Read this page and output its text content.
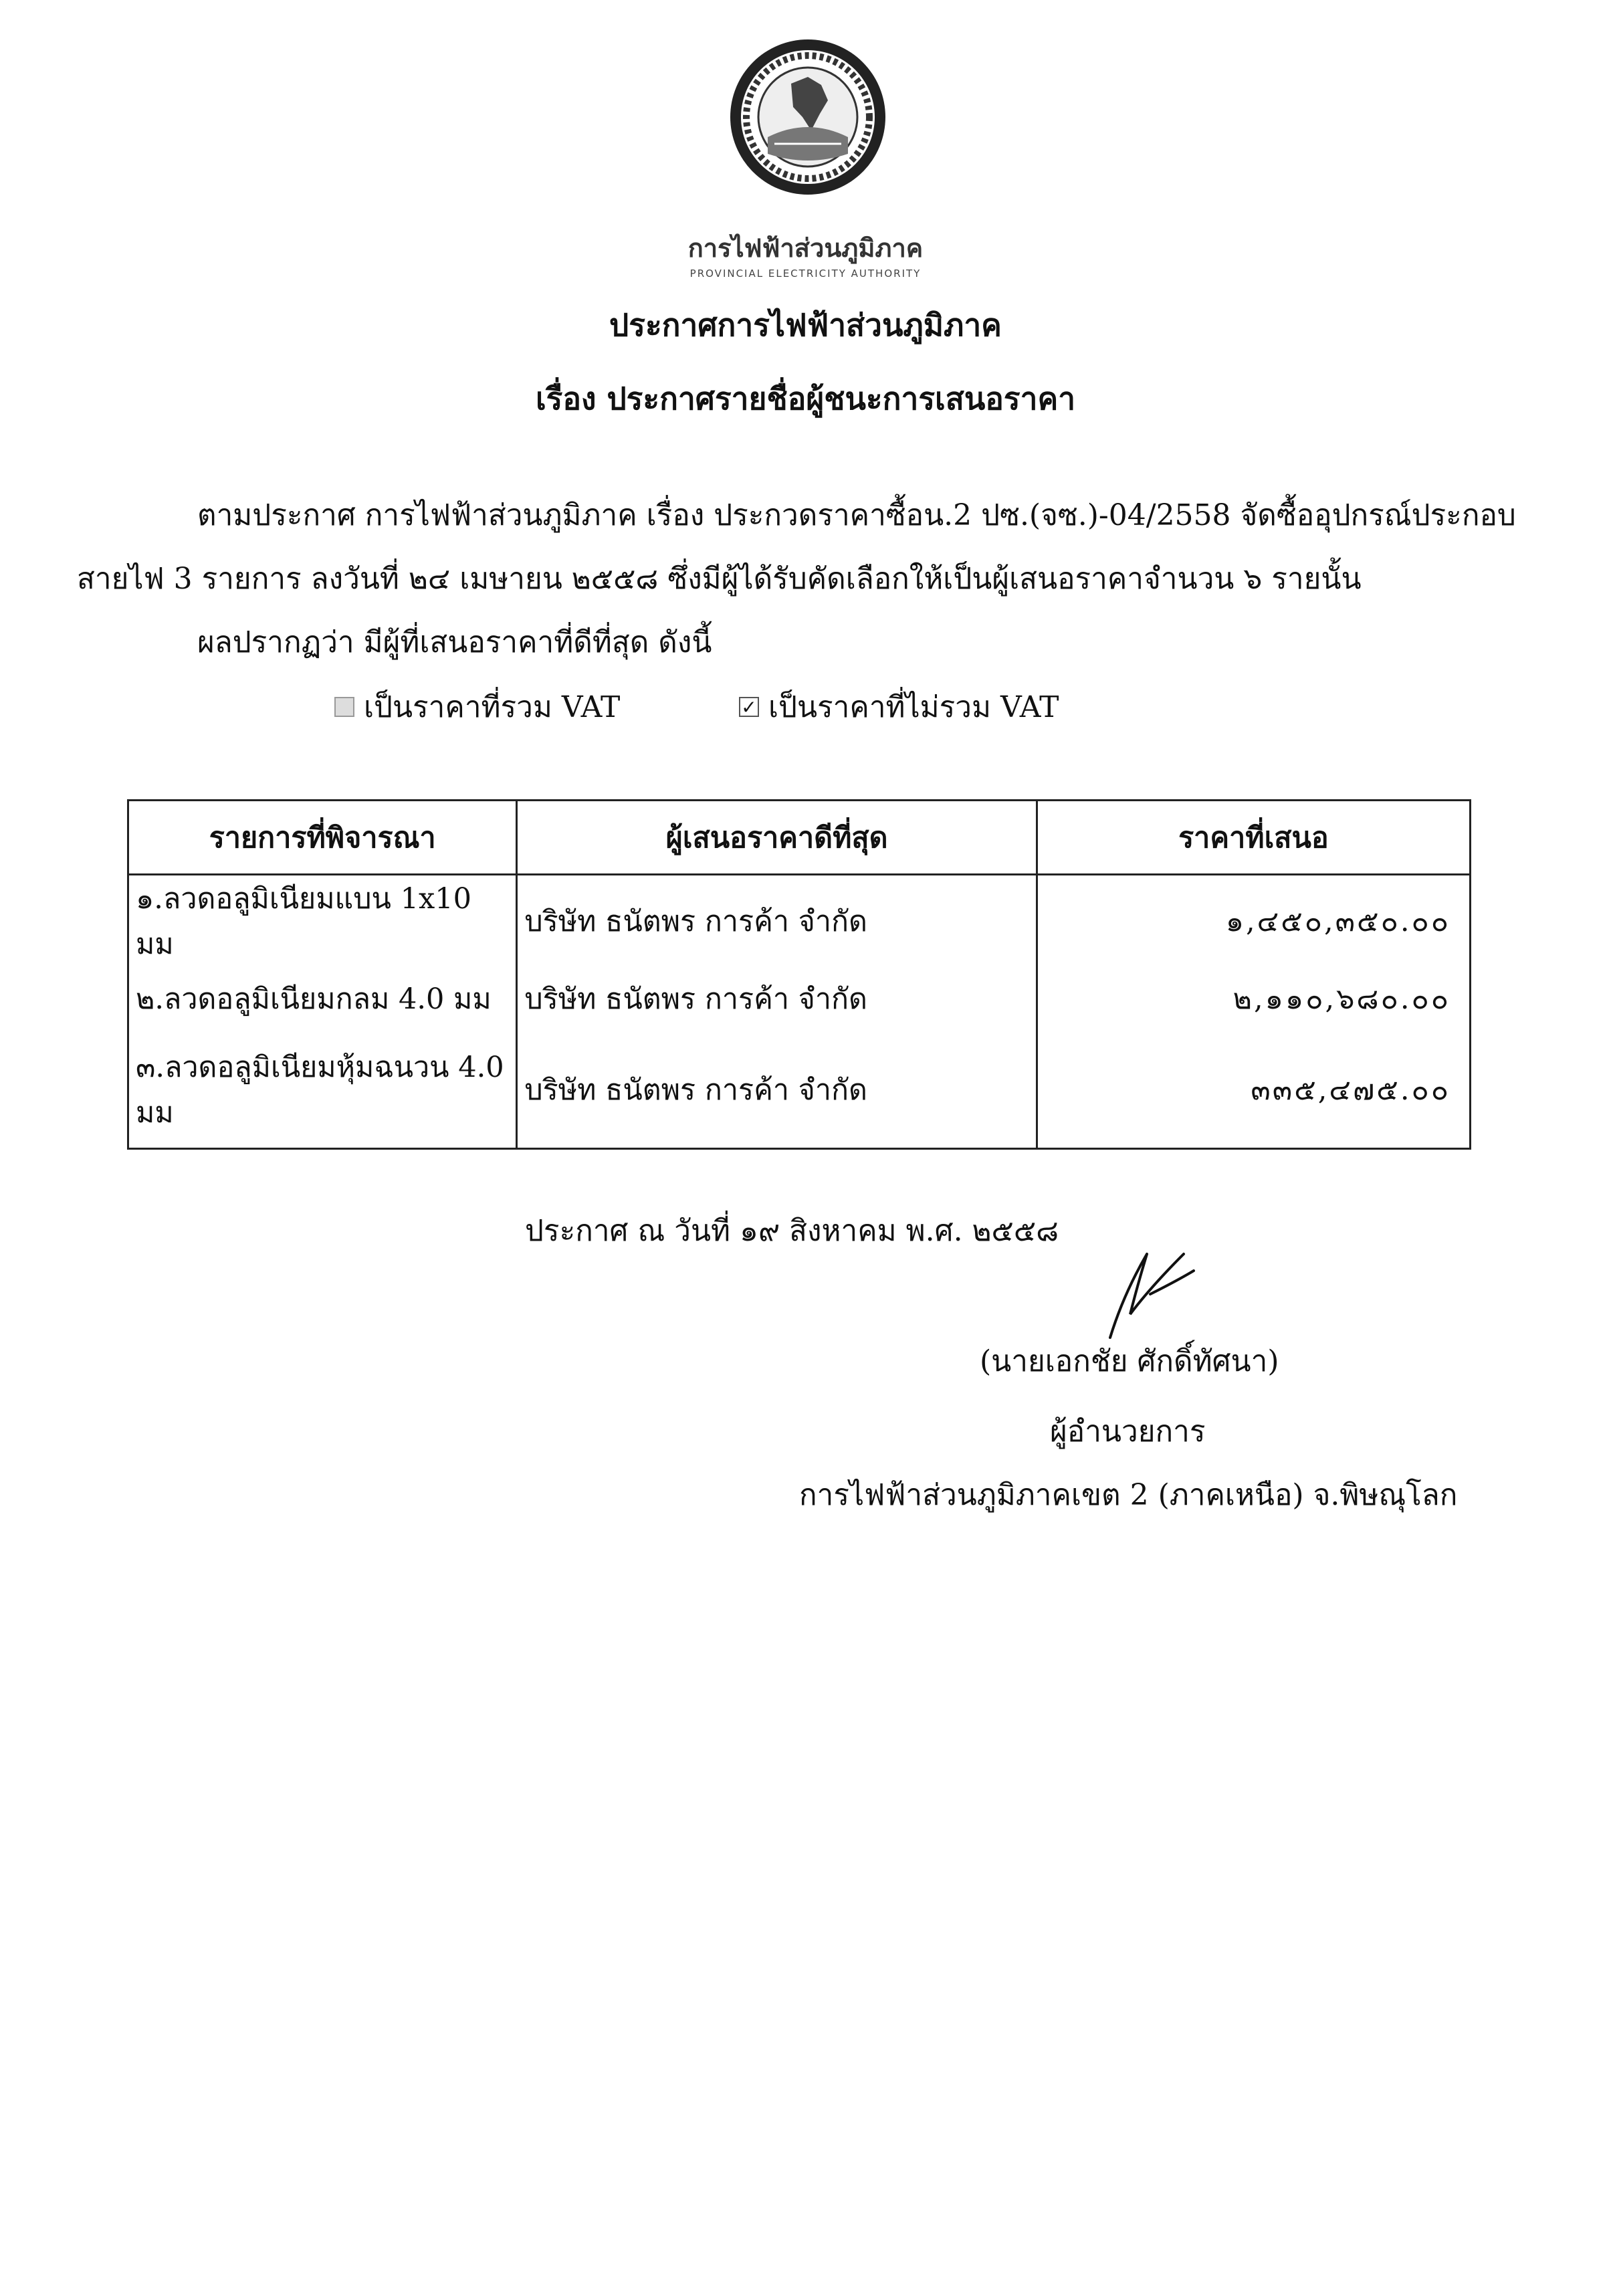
การไฟฟ้าส่วนภูมิภาค
PROVINCIAL ELECTRICITY AUTHORITY
ประกาศการไฟฟ้าส่วนภูมิภาค
เรื่อง ประกาศรายชื่อผู้ชนะการเสนอราคา
ตามประกาศ การไฟฟ้าส่วนภูมิภาค เรื่อง ประกวดราคาซื้อน.2 ปซ.(จซ.)-04/2558 จัดซื้ออุปกรณ์ประกอบ
สายไฟ 3 รายการ ลงวันที่ ๒๔ เมษายน ๒๕๕๘ ซึ่งมีผู้ได้รับคัดเลือกให้เป็นผู้เสนอราคาจำนวน ๖ รายนั้น
ผลปรากฏว่า มีผู้ที่เสนอราคาที่ดีที่สุด ดังนี้
เป็นราคาที่รวม VAT	✓ เป็นราคาที่ไม่รวม VAT
รายการที่พิจารณา	ผู้เสนอราคาดีที่สุด	ราคาที่เสนอ
๑.ลวดอลูมิเนียมแบน 1x10 มม	บริษัท ธนัตพร การค้า จำกัด	๑,๔๕๐,๓๕๐.๐๐
๒.ลวดอลูมิเนียมกลม 4.0 มม	บริษัท ธนัตพร การค้า จำกัด	๒,๑๑๐,๖๘๐.๐๐

๓.ลวดอลูมิเนียมหุ้มฉนวน 4.0
มม	บริษัท ธนัตพร การค้า จำกัด	๓๓๕,๔๗๕.๐๐
ประกาศ ณ วันที่ ๑๙ สิงหาคม พ.ศ. ๒๕๕๘
(นายเอกชัย ศักดิ์ทัศนา)
ผู้อำนวยการ
การไฟฟ้าส่วนภูมิภาคเขต 2 (ภาคเหนือ) จ.พิษณุโลก
